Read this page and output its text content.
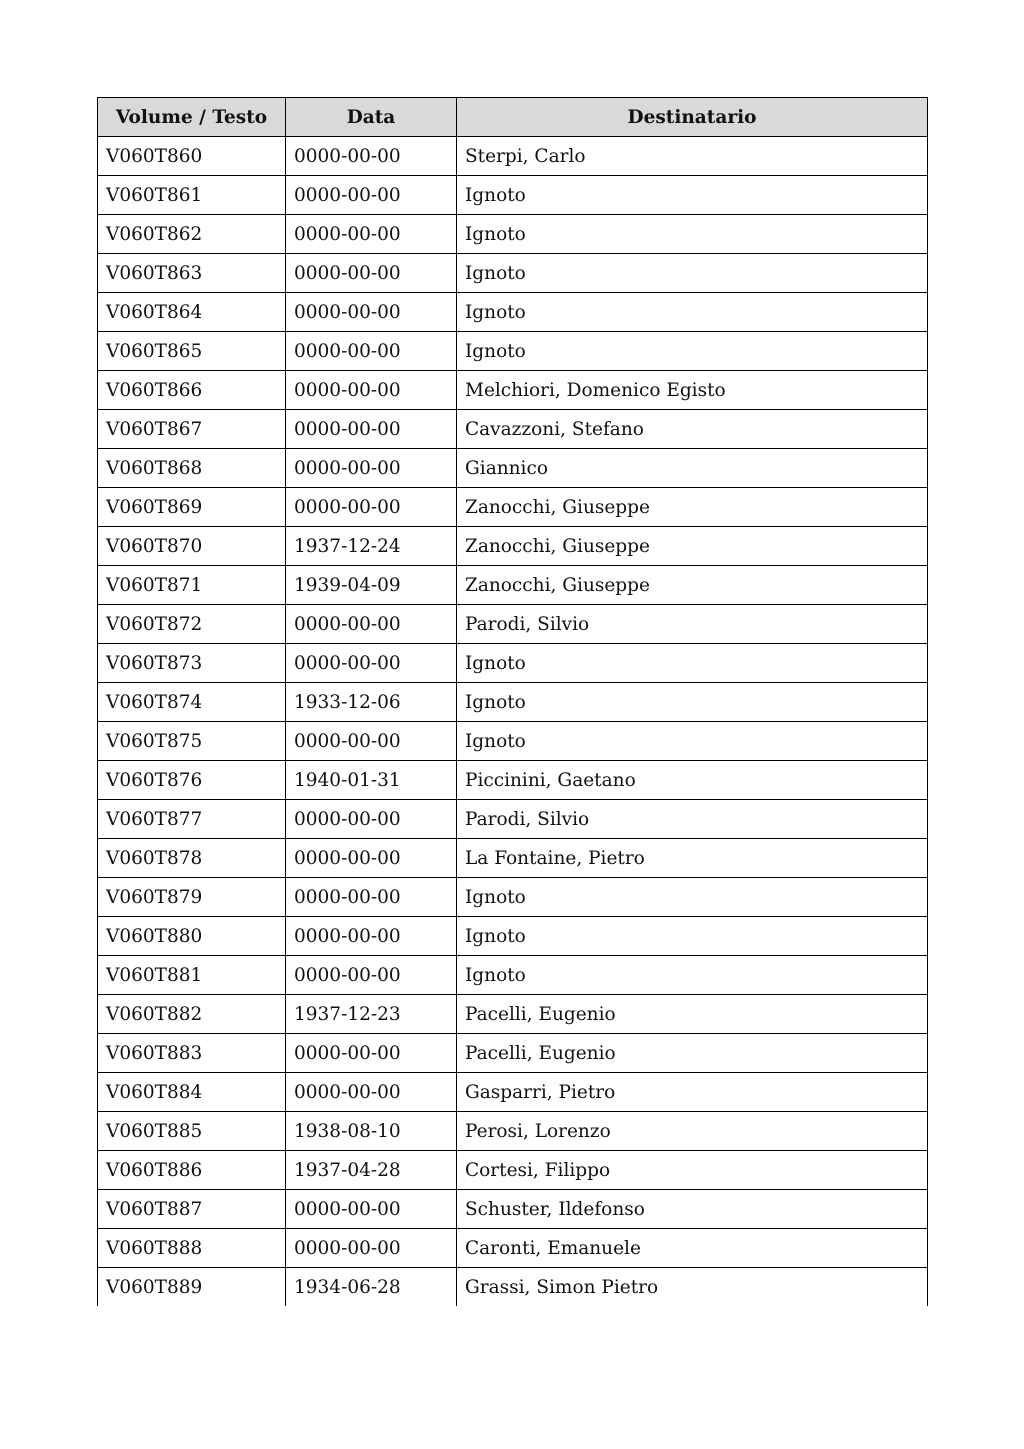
Volume / Testo	Data	Destinatario
V060T860	0000-00-00	Sterpi, Carlo
V060T861	0000-00-00	Ignoto
V060T862	0000-00-00	Ignoto
V060T863	0000-00-00	Ignoto
V060T864	0000-00-00	Ignoto
V060T865	0000-00-00	Ignoto
V060T866	0000-00-00	Melchiori, Domenico Egisto
V060T867	0000-00-00	Cavazzoni, Stefano
V060T868	0000-00-00	Giannico
V060T869	0000-00-00	Zanocchi, Giuseppe
V060T870	1937-12-24	Zanocchi, Giuseppe
V060T871	1939-04-09	Zanocchi, Giuseppe
V060T872	0000-00-00	Parodi, Silvio
V060T873	0000-00-00	Ignoto
V060T874	1933-12-06	Ignoto
V060T875	0000-00-00	Ignoto
V060T876	1940-01-31	Piccinini, Gaetano
V060T877	0000-00-00	Parodi, Silvio
V060T878	0000-00-00	La Fontaine, Pietro
V060T879	0000-00-00	Ignoto
V060T880	0000-00-00	Ignoto
V060T881	0000-00-00	Ignoto
V060T882	1937-12-23	Pacelli, Eugenio
V060T883	0000-00-00	Pacelli, Eugenio
V060T884	0000-00-00	Gasparri, Pietro
V060T885	1938-08-10	Perosi, Lorenzo
V060T886	1937-04-28	Cortesi, Filippo
V060T887	0000-00-00	Schuster, Ildefonso
V060T888	0000-00-00	Caronti, Emanuele
V060T889	1934-06-28	Grassi, Simon Pietro
